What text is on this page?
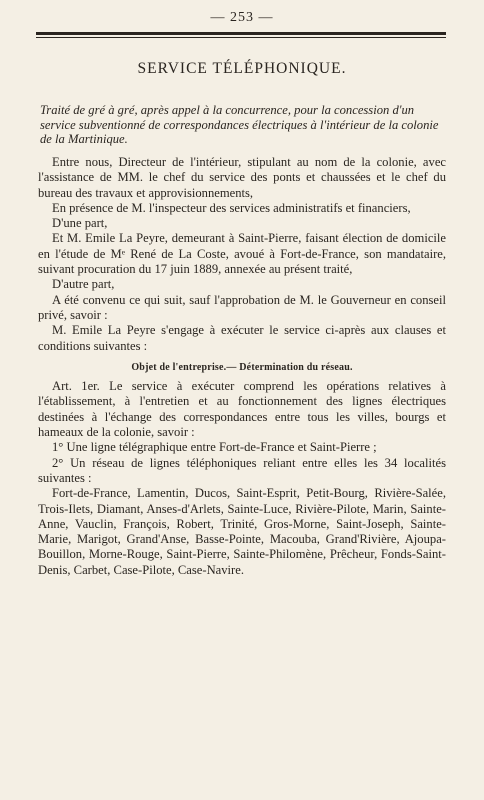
— 253 —
SERVICE TÉLÉPHONIQUE.
Traité de gré à gré, après appel à la concurrence, pour la concession d'un service subventionné de correspondances électriques à l'intérieur de la colonie de la Martinique.

Entre nous, Directeur de l'intérieur, stipulant au nom de la colonie, avec l'assistance de MM. le chef du service des ponts et chaussées et le chef du bureau des travaux et approvisionnements,

En présence de M. l'inspecteur des services administratifs et financiers,

D'une part,

Et M. Emile La Peyre, demeurant à Saint-Pierre, faisant élection de domicile en l'étude de Mᵉ René de La Coste, avoué à Fort-de-France, son mandataire, suivant procuration du 17 juin 1889, annexée au présent traité,

D'autre part,

A été convenu ce qui suit, sauf l'approbation de M. le Gouverneur en conseil privé, savoir :

M. Emile La Peyre s'engage à exécuter le service ci-après aux clauses et conditions suivantes :

Objet de l'entreprise.— Détermination du réseau.

Art. 1er. Le service à exécuter comprend les opérations relatives à l'établissement, à l'entretien et au fonctionnement des lignes électriques destinées à l'échange des correspondances entre tous les villes, bourgs et hameaux de la colonie, savoir :

1° Une ligne télégraphique entre Fort-de-France et Saint-Pierre ;

2° Un réseau de lignes téléphoniques reliant entre elles les 34 localités suivantes :

Fort-de-France, Lamentin, Ducos, Saint-Esprit, Petit-Bourg, Rivière-Salée, Trois-Ilets, Diamant, Anses-d'Arlets, Sainte-Luce, Rivière-Pilote, Marin, Sainte-Anne, Vauclin, François, Robert, Trinité, Gros-Morne, Saint-Joseph, Sainte-Marie, Marigot, Grand'Anse, Basse-Pointe, Macouba, Grand'Rivière, Ajoupa-Bouillon, Morne-Rouge, Saint-Pierre, Sainte-Philomène, Prêcheur, Fonds-Saint-Denis, Carbet, Case-Pilote, Case-Navire.
